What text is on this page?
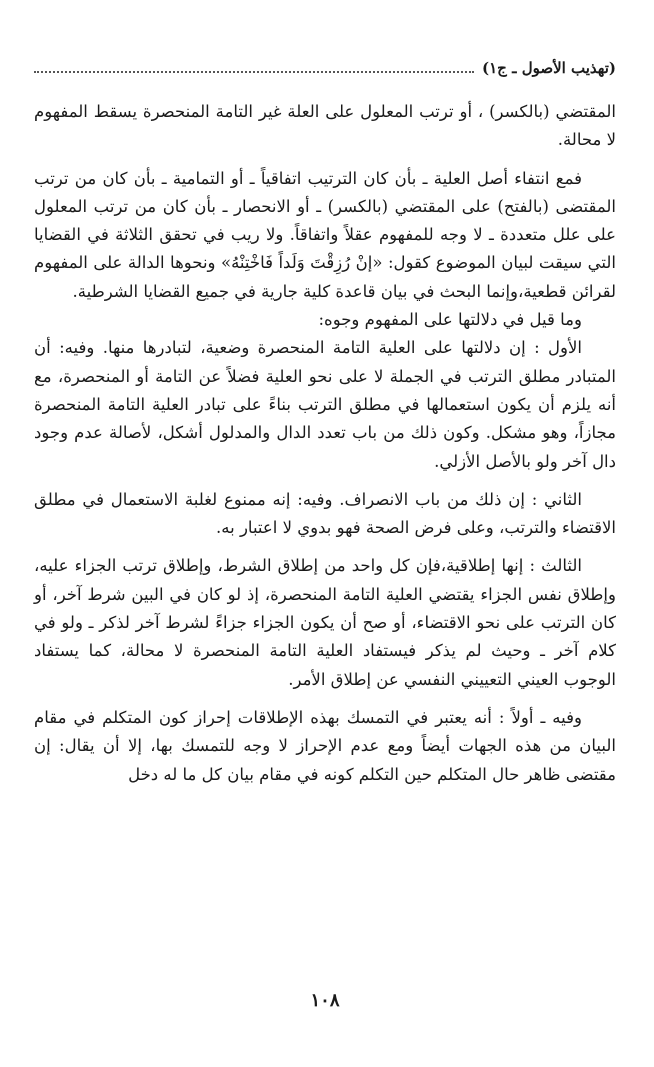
(تهذيب الأصول ـ ج١)

المقتضي (بالكسر) ، أو ترتب المعلول على العلة غير التامة المنحصرة يسقط المفهوم لا محالة.

فمع انتفاء أصل العلية ـ بأن كان الترتيب اتفاقياً ـ أو التمامية ـ بأن كان من ترتب المقتضى (بالفتح) على المقتضي (بالكسر) ـ أو الانحصار ـ بأن كان من ترتب المعلول على علل متعددة ـ لا وجه للمفهوم عقلاً واتفاقاً. ولا ريب في تحقق الثلاثة في القضايا التي سيقت لبيان الموضوع كقول: «إنْ رُزِقْتَ وَلَداً فَاخْتِنْهُ» ونحوها الدالة على المفهوم لقرائن قطعية،وإنما البحث في بيان قاعدة كلية جارية في جميع القضايا الشرطية.

وما قيل في دلالتها على المفهوم وجوه:

الأول : إن دلالتها على العلية التامة المنحصرة وضعية، لتبادرها منها. وفيه: أن المتبادر مطلق الترتب في الجملة لا على نحو العلية فضلاً عن التامة أو المنحصرة، مع أنه يلزم أن يكون استعمالها في مطلق الترتب بناءً على تبادر العلية التامة المنحصرة مجازاً، وهو مشكل. وكون ذلك من باب تعدد الدال والمدلول أشكل، لأصالة عدم وجود دال آخر ولو بالأصل الأزلي.

الثاني : إن ذلك من باب الانصراف. وفيه: إنه ممنوع لغلبة الاستعمال في مطلق الاقتضاء والترتب، وعلى فرض الصحة فهو بدوي لا اعتبار به.

الثالث : إنها إطلاقية،فإن كل واحد من إطلاق الشرط، وإطلاق ترتب الجزاء عليه، وإطلاق نفس الجزاء يقتضي العلية التامة المنحصرة، إذ لو كان في البين شرط آخر، أو كان الترتب على نحو الاقتضاء، أو صح أن يكون الجزاء جزاءً لشرط آخر لذكر ـ ولو في كلام آخر ـ وحيث لم يذكر فيستفاد العلية التامة المنحصرة لا محالة، كما يستفاد الوجوب العيني التعييني النفسي عن إطلاق الأمر.

وفيه ـ أولاً : أنه يعتبر في التمسك بهذه الإطلاقات إحراز كون المتكلم في مقام البيان من هذه الجهات أيضاً ومع عدم الإحراز لا وجه للتمسك بها، إلا أن يقال: إن مقتضى ظاهر حال المتكلم حين التكلم كونه في مقام بيان كل ما له دخل

١٠٨
